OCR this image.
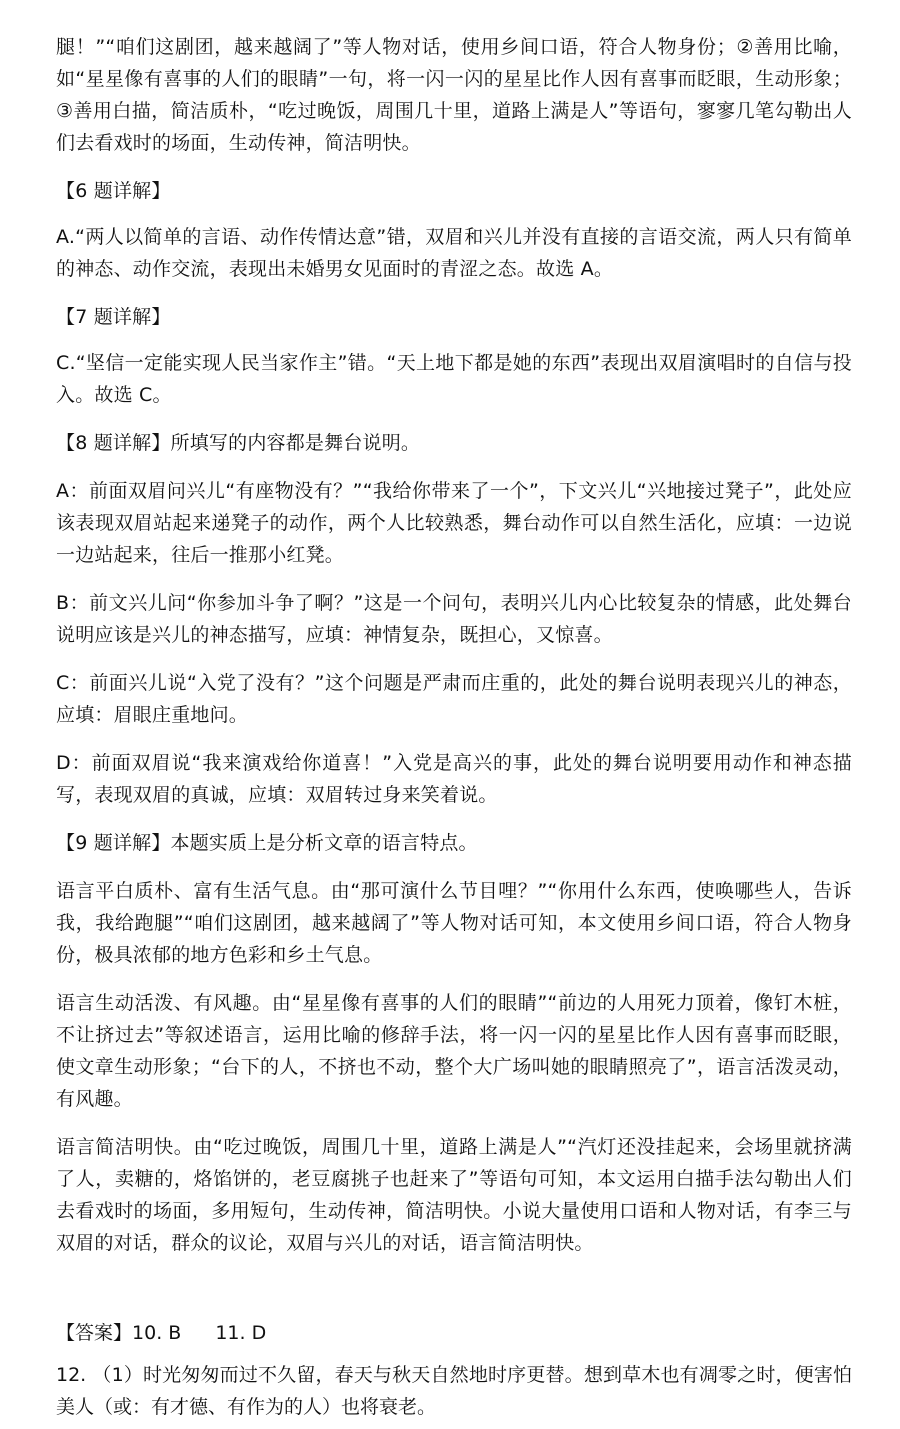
腿！”“咱们这剧团，越来越阔了”等人物对话，使用乡间口语，符合人物身份；②善用比喻，如“星星像有喜事的人们的眼睛”一句，将一闪一闪的星星比作人因有喜事而眨眼，生动形象；③善用白描，简洁质朴，“吃过晚饭，周围几十里，道路上满是人”等语句，寥寥几笔勾勒出人们去看戏时的场面，生动传神，简洁明快。

【6 题详解】

A.“两人以简单的言语、动作传情达意”错，双眉和兴儿并没有直接的言语交流，两人只有简单的神态、动作交流，表现出未婚男女见面时的青涩之态。故选 A。

【7 题详解】

C.“坚信一定能实现人民当家作主”错。“天上地下都是她的东西”表现出双眉演唱时的自信与投入。故选 C。

【8 题详解】所填写的内容都是舞台说明。

A：前面双眉问兴儿“有座物没有？”“我给你带来了一个”，下文兴儿“兴地接过凳子”，此处应该表现双眉站起来递凳子的动作，两个人比较熟悉，舞台动作可以自然生活化，应填：一边说一边站起来，往后一推那小红凳。

B：前文兴儿问“你参加斗争了啊？”这是一个问句，表明兴儿内心比较复杂的情感，此处舞台说明应该是兴儿的神态描写，应填：神情复杂，既担心，又惊喜。

C：前面兴儿说“入党了没有？”这个问题是严肃而庄重的，此处的舞台说明表现兴儿的神态，应填：眉眼庄重地问。

D：前面双眉说“我来演戏给你道喜！”入党是高兴的事，此处的舞台说明要用动作和神态描写，表现双眉的真诚，应填：双眉转过身来笑着说。

【9 题详解】本题实质上是分析文章的语言特点。

语言平白质朴、富有生活气息。由“那可演什么节目哩？”“你用什么东西，使唤哪些人，告诉我，我给跑腿”“咱们这剧团，越来越阔了”等人物对话可知，本文使用乡间口语，符合人物身份，极具浓郁的地方色彩和乡土气息。

语言生动活泼、有风趣。由“星星像有喜事的人们的眼睛”“前边的人用死力顶着，像钉木桩，不让挤过去”等叙述语言，运用比喻的修辞手法，将一闪一闪的星星比作人因有喜事而眨眼，使文章生动形象；“台下的人，不挤也不动，整个大广场叫她的眼睛照亮了”，语言活泼灵动，有风趣。

语言简洁明快。由“吃过晚饭，周围几十里，道路上满是人”“汽灯还没挂起来，会场里就挤满了人，卖糖的，烙馅饼的，老豆腐挑子也赶来了”等语句可知，本文运用白描手法勾勒出人们去看戏时的场面，多用短句，生动传神，简洁明快。小说大量使用口语和人物对话，有李三与双眉的对话，群众的议论，双眉与兴儿的对话，语言简洁明快。

【答案】10. B 11. D

12. （1）时光匆匆而过不久留，春天与秋天自然地时序更替。想到草木也有凋零之时，便害怕美人（或：有才德、有作为的人）也将衰老。
